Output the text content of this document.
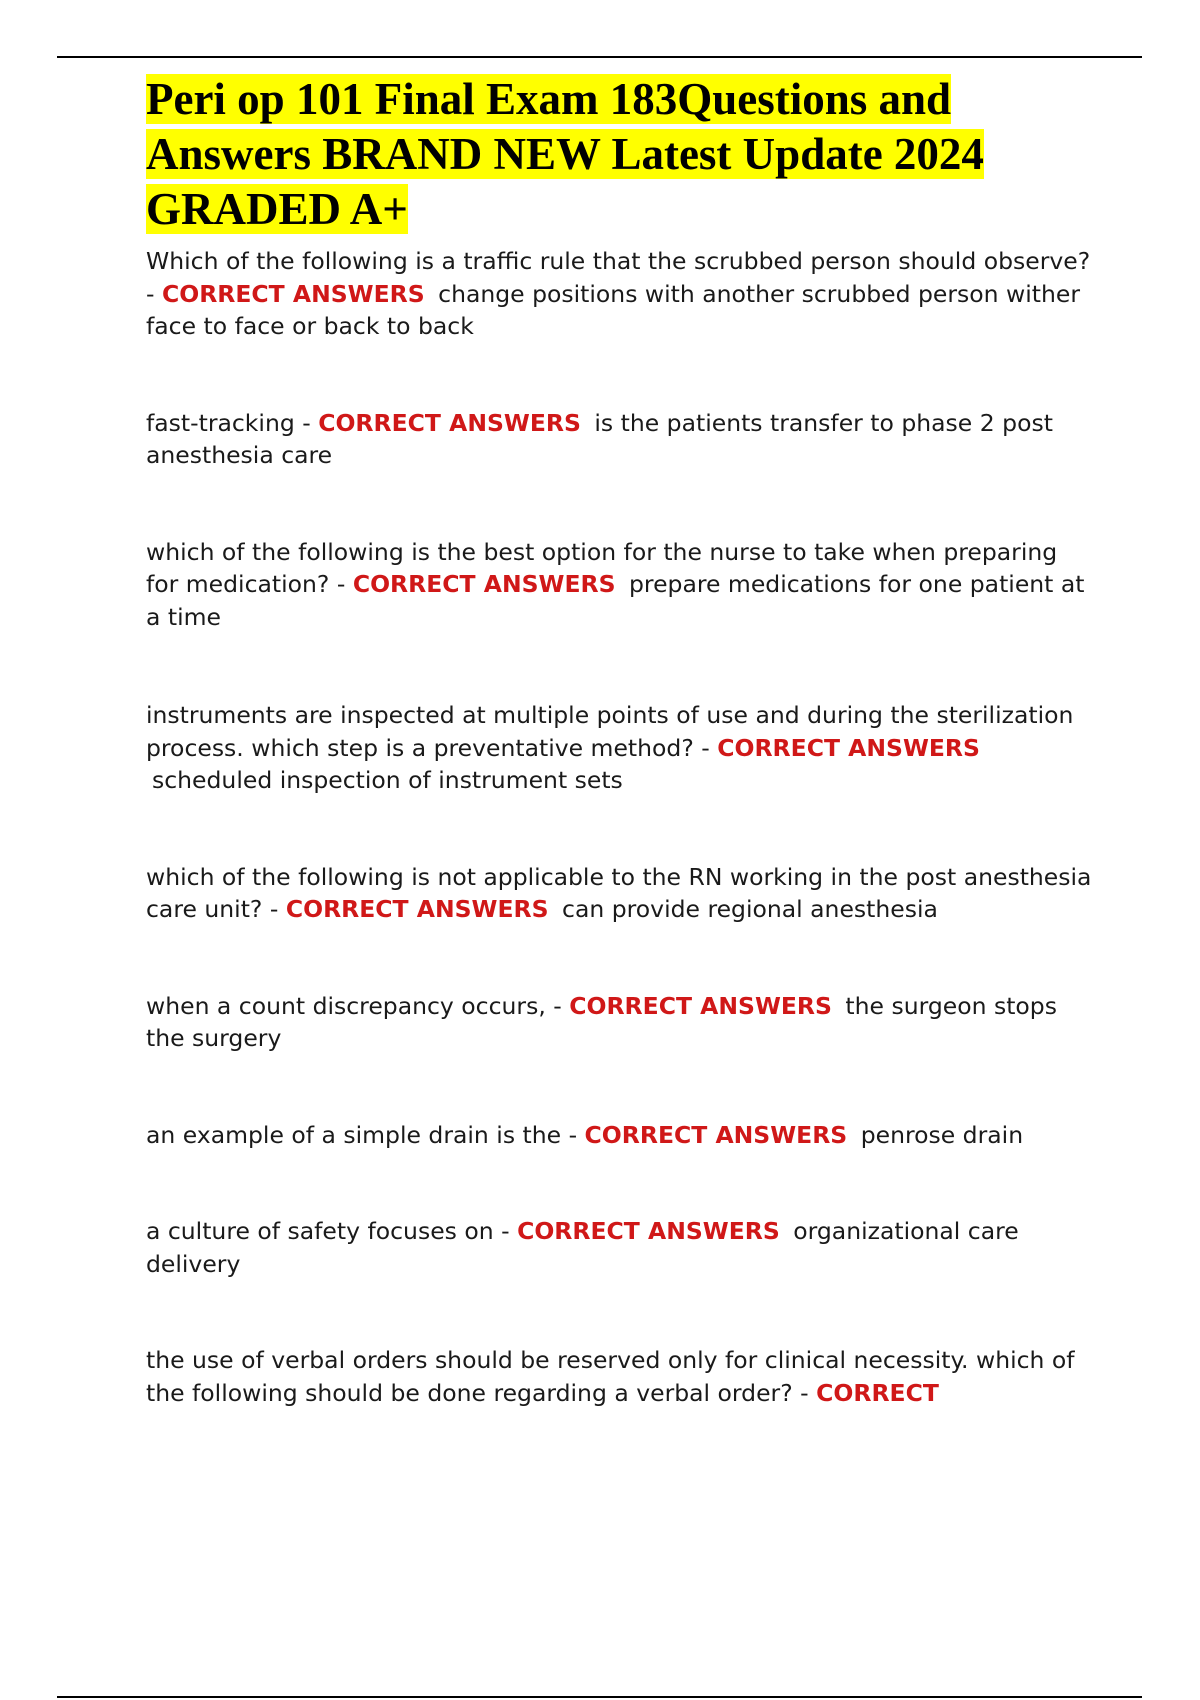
Peri op 101 Final Exam 183Questions and Answers BRAND NEW Latest Update 2024 GRADED A+

Which of the following is a traffic rule that the scrubbed person should observe? - CORRECT ANSWERS change positions with another scrubbed person wither face to face or back to back

fast-tracking - CORRECT ANSWERS is the patients transfer to phase 2 post anesthesia care

which of the following is the best option for the nurse to take when preparing for medication? - CORRECT ANSWERS prepare medications for one patient at a time

instruments are inspected at multiple points of use and during the sterilization process. which step is a preventative method? - CORRECT ANSWERS scheduled inspection of instrument sets

which of the following is not applicable to the RN working in the post anesthesia care unit? - CORRECT ANSWERS can provide regional anesthesia

when a count discrepancy occurs, - CORRECT ANSWERS the surgeon stops the surgery

an example of a simple drain is the - CORRECT ANSWERS penrose drain

a culture of safety focuses on - CORRECT ANSWERS organizational care delivery

the use of verbal orders should be reserved only for clinical necessity. which of the following should be done regarding a verbal order? - CORRECT
